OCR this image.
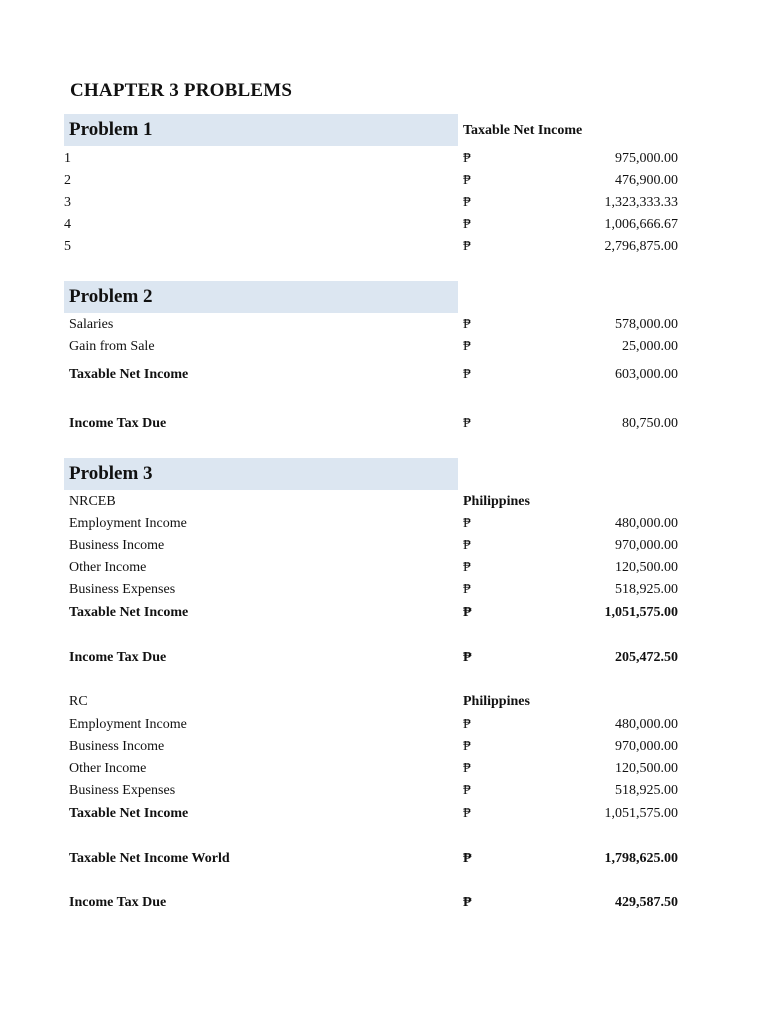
CHAPTER 3 PROBLEMS
Problem 1	Taxable Net Income
1	₱	975,000.00
2	₱	476,900.00
3	₱	1,323,333.33
4	₱	1,006,666.67
5	₱	2,796,875.00
Problem 2
Salaries	₱	578,000.00
Gain from Sale	₱	25,000.00
Taxable Net Income	₱	603,000.00
Income Tax Due	₱	80,750.00
Problem 3
NRCEB	Philippines
Employment Income	₱	480,000.00
Business Income	₱	970,000.00
Other Income	₱	120,500.00
Business Expenses	₱	518,925.00
Taxable Net Income	₱	1,051,575.00
Income Tax Due	₱	205,472.50
RC	Philippines
Employment Income	₱	480,000.00
Business Income	₱	970,000.00
Other Income	₱	120,500.00
Business Expenses	₱	518,925.00
Taxable Net Income	₱	1,051,575.00
Taxable Net Income World	₱	1,798,625.00
Income Tax Due	₱	429,587.50
